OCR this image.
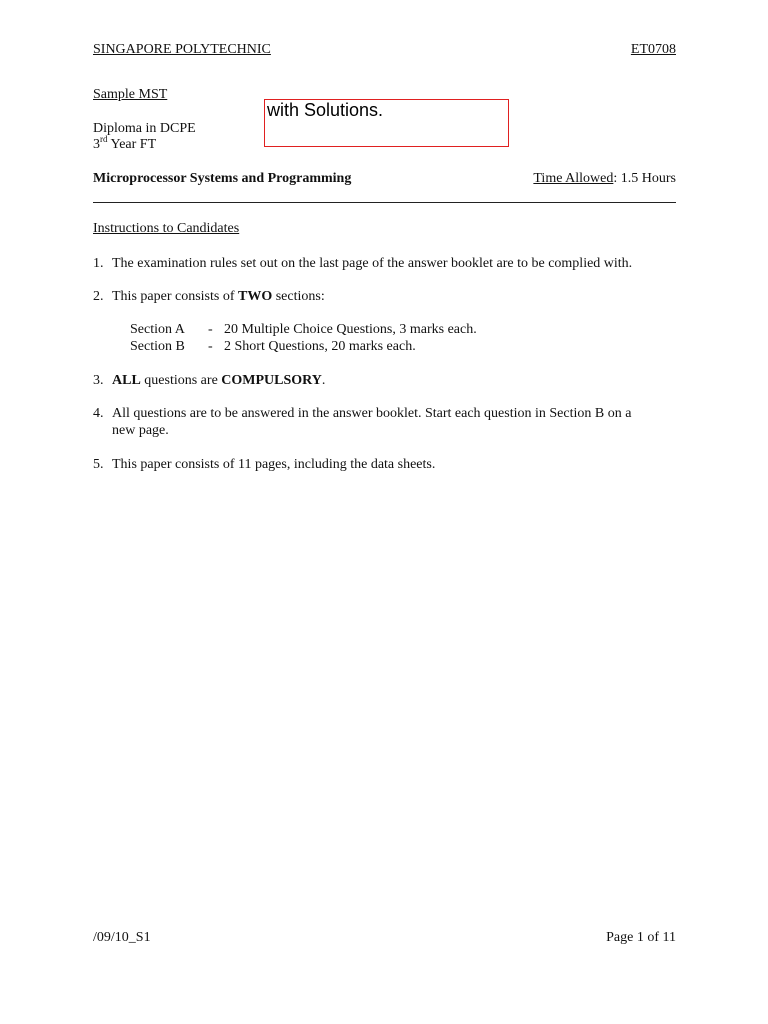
SINGAPORE POLYTECHNIC	ET0708
Sample MST
Diploma in DCPE
3rd Year FT
with Solutions.
Microprocessor Systems and Programming	Time Allowed: 1.5 Hours
Instructions to Candidates
1. The examination rules set out on the last page of the answer booklet are to be complied with.
2. This paper consists of TWO sections:
Section A - 20 Multiple Choice Questions, 3 marks each.
Section B - 2 Short Questions, 20 marks each.
3. ALL questions are COMPULSORY.
4. All questions are to be answered in the answer booklet. Start each question in Section B on a
new page.
5. This paper consists of 11 pages, including the data sheets.
/09/10_S1	Page 1 of 11
